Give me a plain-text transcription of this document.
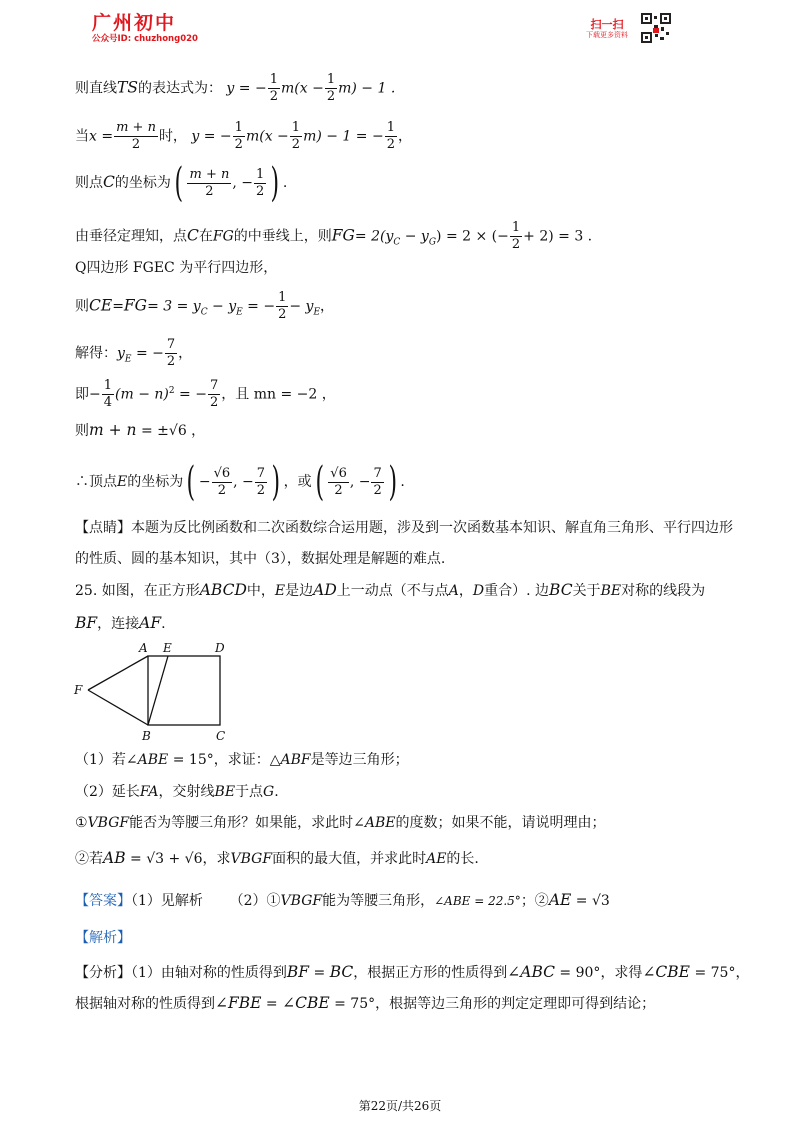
广州初中
公众号ID: chuzhong020
扫一扫
下载更多资料
则直线TS的表达式为： y = − $\frac{1}{2} m(x - \frac{1}{2} m) - 1$ .
当$x = \frac{m + n}{2}$ 时， y = − $\frac{1}{2} m(x - \frac{1}{2} m) - 1$ = − $\frac{1}{2}$ ，
则点C的坐标为( $\frac{m + n}{2}$ , − $\frac{1}{2}$ ) .
由垂径定理知，点C在FG的中垂线上，则$FG= 2(y_C - y_G) = 2$ × (− $\frac{1}{2} + 2) = 3$ .
Q四边形 FGEC 为平行四边形，
则$CE=FG= 3 = y_C - y_E$ = − $\frac{1}{2} - y_E$，
解得：$y_E$ = − $\frac{7}{2}$ ，
即− $\frac{1}{4} (m - n)^2$ = − $\frac{7}{2}$ ，且 mn = −2 ，
则m + n = ±√6 ，
∴顶点E的坐标为( − $\frac{√6}{2}$ , − $\frac{7}{2}$ ) ，或( $\frac{√6}{2}$ , − $\frac{7}{2}$ ) .
【点睛】本题为反比例函数和二次函数综合运用题，涉及到一次函数基本知识、解直角三角形、平行四边形
的性质、圆的基本知识，其中（3），数据处理是解题的难点.
25. 如图，在正方形ABCD中，E是边AD上一动点（不与点A，D重合）. 边BC关于BE对称的线段为
BF，连接AF.
A E	D
F
B	C
（1）若∠ABE = 15°，求证：△ABF是等边三角形；
（2）延长FA，交射线BE于点G.
①VBGF能否为等腰三角形？如果能，求此时∠ABE的度数；如果不能，请说明理由；
②若AB = √3 + √6，求VBGF面积的最大值，并求此时AE的长.
【答案】（1）见解析 （2）①VBGF能为等腰三角形，∠ABE = 22.5°；②AE = √3
【解析】
【分析】（1）由轴对称的性质得到BF = BC，根据正方形的性质得到∠ABC = 90°，求得∠CBE = 75°，
根据轴对称的性质得到∠FBE = ∠CBE = 75°，根据等边三角形的判定定理即可得到结论；
第22页/共26页
